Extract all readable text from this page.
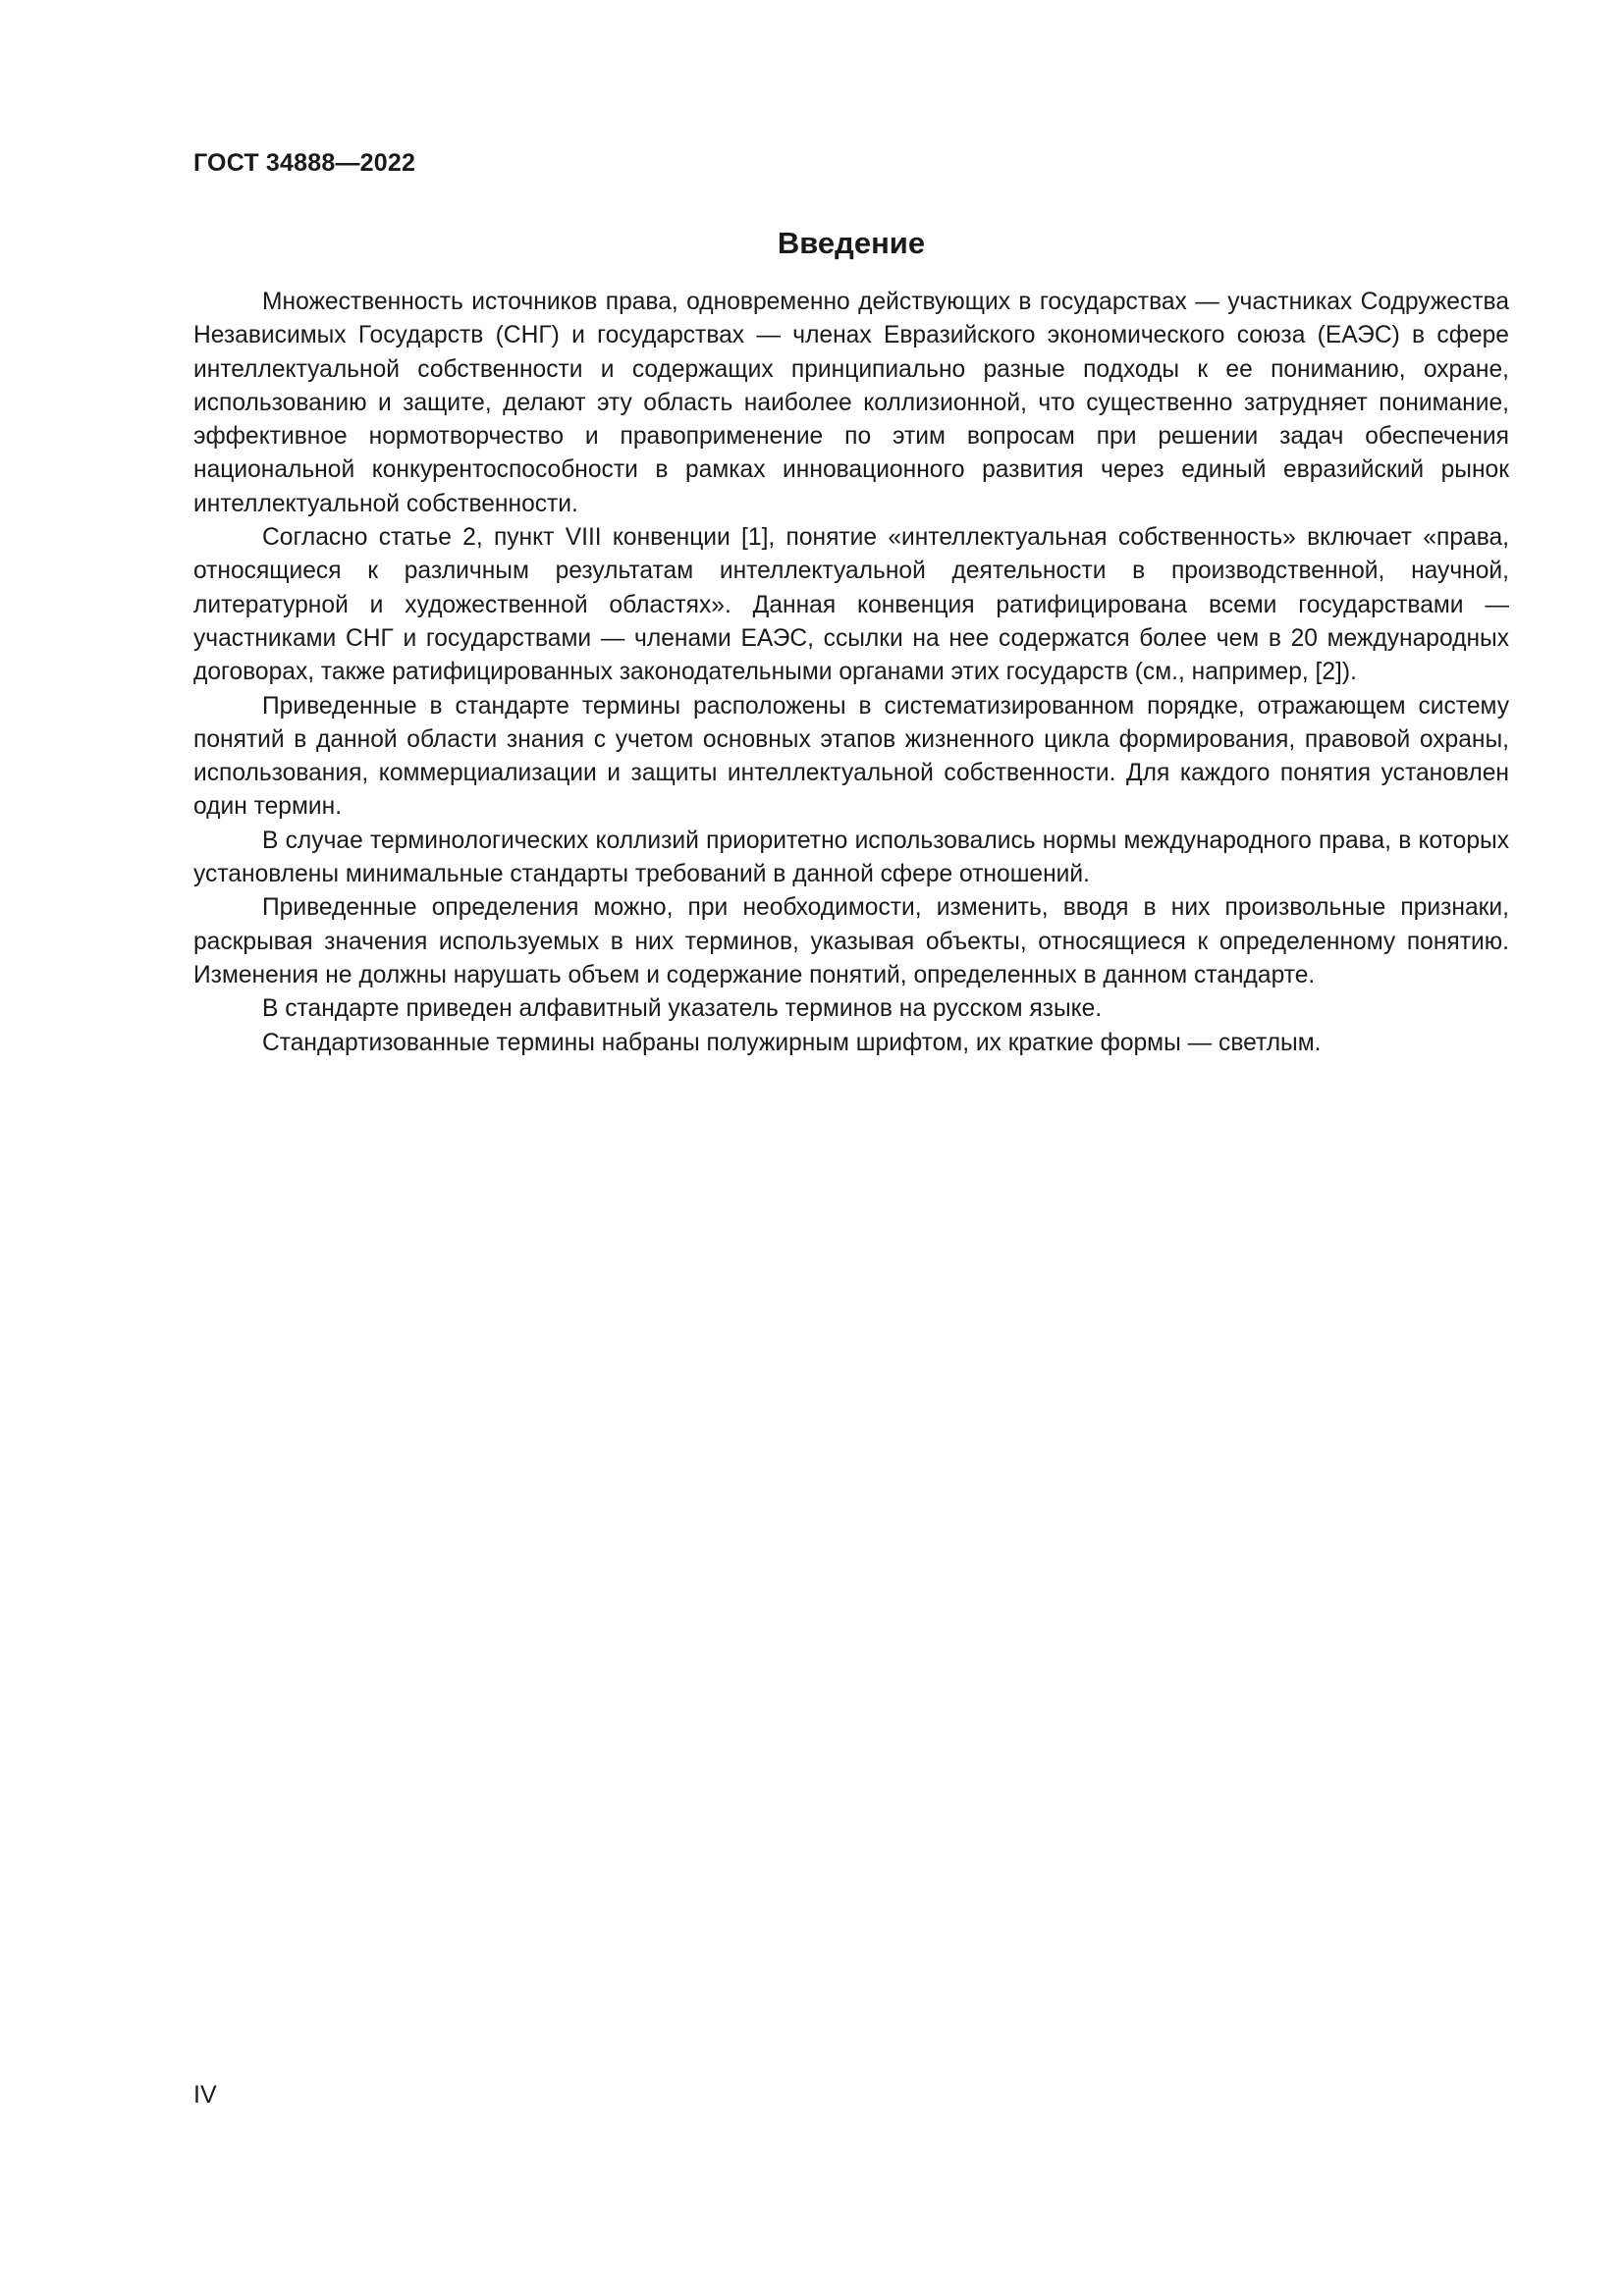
ГОСТ 34888—2022
Введение

Множественность источников права, одновременно действующих в государствах — участниках Содружества Независимых Государств (СНГ) и государствах — членах Евразийского экономического союза (ЕАЭС) в сфере интеллектуальной собственности и содержащих принципиально разные подходы к ее пониманию, охране, использованию и защите, делают эту область наиболее коллизионной, что существенно затрудняет понимание, эффективное нормотворчество и правоприменение по этим вопросам при решении задач обеспечения национальной конкурентоспособности в рамках инновационного развития через единый евразийский рынок интеллектуальной собственности.

Согласно статье 2, пункт VIII конвенции [1], понятие «интеллектуальная собственность» включает «права, относящиеся к различным результатам интеллектуальной деятельности в производственной, научной, литературной и художественной областях». Данная конвенция ратифицирована всеми государствами — участниками СНГ и государствами — членами ЕАЭС, ссылки на нее содержатся более чем в 20 международных договорах, также ратифицированных законодательными органами этих государств (см., например, [2]).

Приведенные в стандарте термины расположены в систематизированном порядке, отражающем систему понятий в данной области знания с учетом основных этапов жизненного цикла формирования, правовой охраны, использования, коммерциализации и защиты интеллектуальной собственности. Для каждого понятия установлен один термин.

В случае терминологических коллизий приоритетно использовались нормы международного права, в которых установлены минимальные стандарты требований в данной сфере отношений.

Приведенные определения можно, при необходимости, изменить, вводя в них произвольные признаки, раскрывая значения используемых в них терминов, указывая объекты, относящиеся к определенному понятию. Изменения не должны нарушать объем и содержание понятий, определенных в данном стандарте.

В стандарте приведен алфавитный указатель терминов на русском языке.

Стандартизованные термины набраны полужирным шрифтом, их краткие формы — светлым.

IV
